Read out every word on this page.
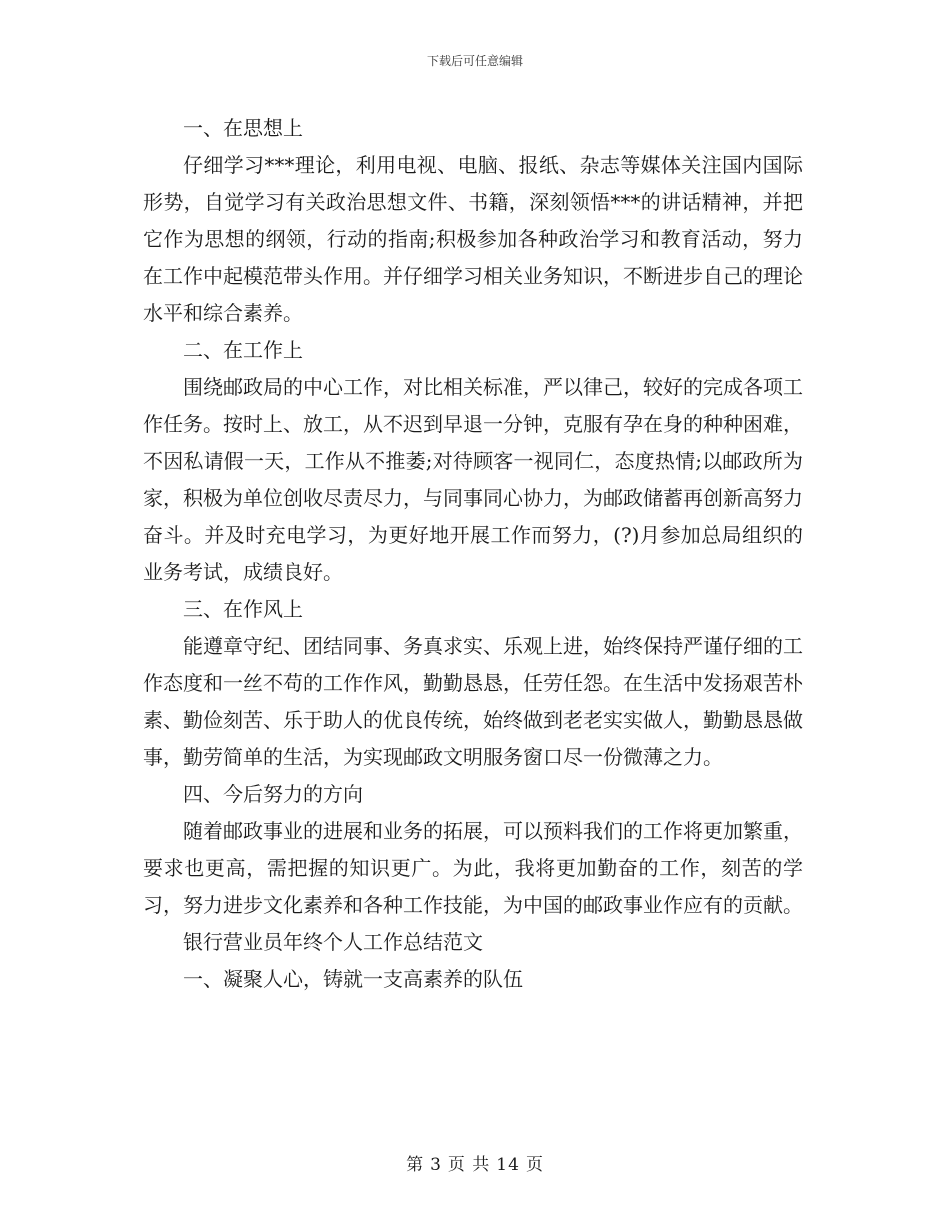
下载后可任意编辑

一、在思想上

仔细学习***理论，利用电视、电脑、报纸、杂志等媒体关注国内国际形势，自觉学习有关政治思想文件、书籍，深刻领悟***的讲话精神，并把它作为思想的纲领，行动的指南;积极参加各种政治学习和教育活动，努力在工作中起模范带头作用。并仔细学习相关业务知识，不断进步自己的理论水平和综合素养。

二、在工作上

围绕邮政局的中心工作，对比相关标准，严以律己，较好的完成各项工作任务。按时上、放工，从不迟到早退一分钟，克服有孕在身的种种困难，不因私请假一天，工作从不推萎;对待顾客一视同仁，态度热情;以邮政所为家，积极为单位创收尽责尽力，与同事同心协力，为邮政储蓄再创新高努力奋斗。并及时充电学习，为更好地开展工作而努力，(?)月参加总局组织的业务考试，成绩良好。

三、在作风上

能遵章守纪、团结同事、务真求实、乐观上进，始终保持严谨仔细的工作态度和一丝不苟的工作作风，勤勤恳恳，任劳任怨。在生活中发扬艰苦朴素、勤俭刻苦、乐于助人的优良传统，始终做到老老实实做人，勤勤恳恳做事，勤劳简单的生活，为实现邮政文明服务窗口尽一份微薄之力。

四、今后努力的方向

随着邮政事业的进展和业务的拓展，可以预料我们的工作将更加繁重，要求也更高，需把握的知识更广。为此，我将更加勤奋的工作，刻苦的学习，努力进步文化素养和各种工作技能，为中国的邮政事业作应有的贡献。

银行营业员年终个人工作总结范文

一、凝聚人心，铸就一支高素养的队伍

第 3 页 共 14 页
